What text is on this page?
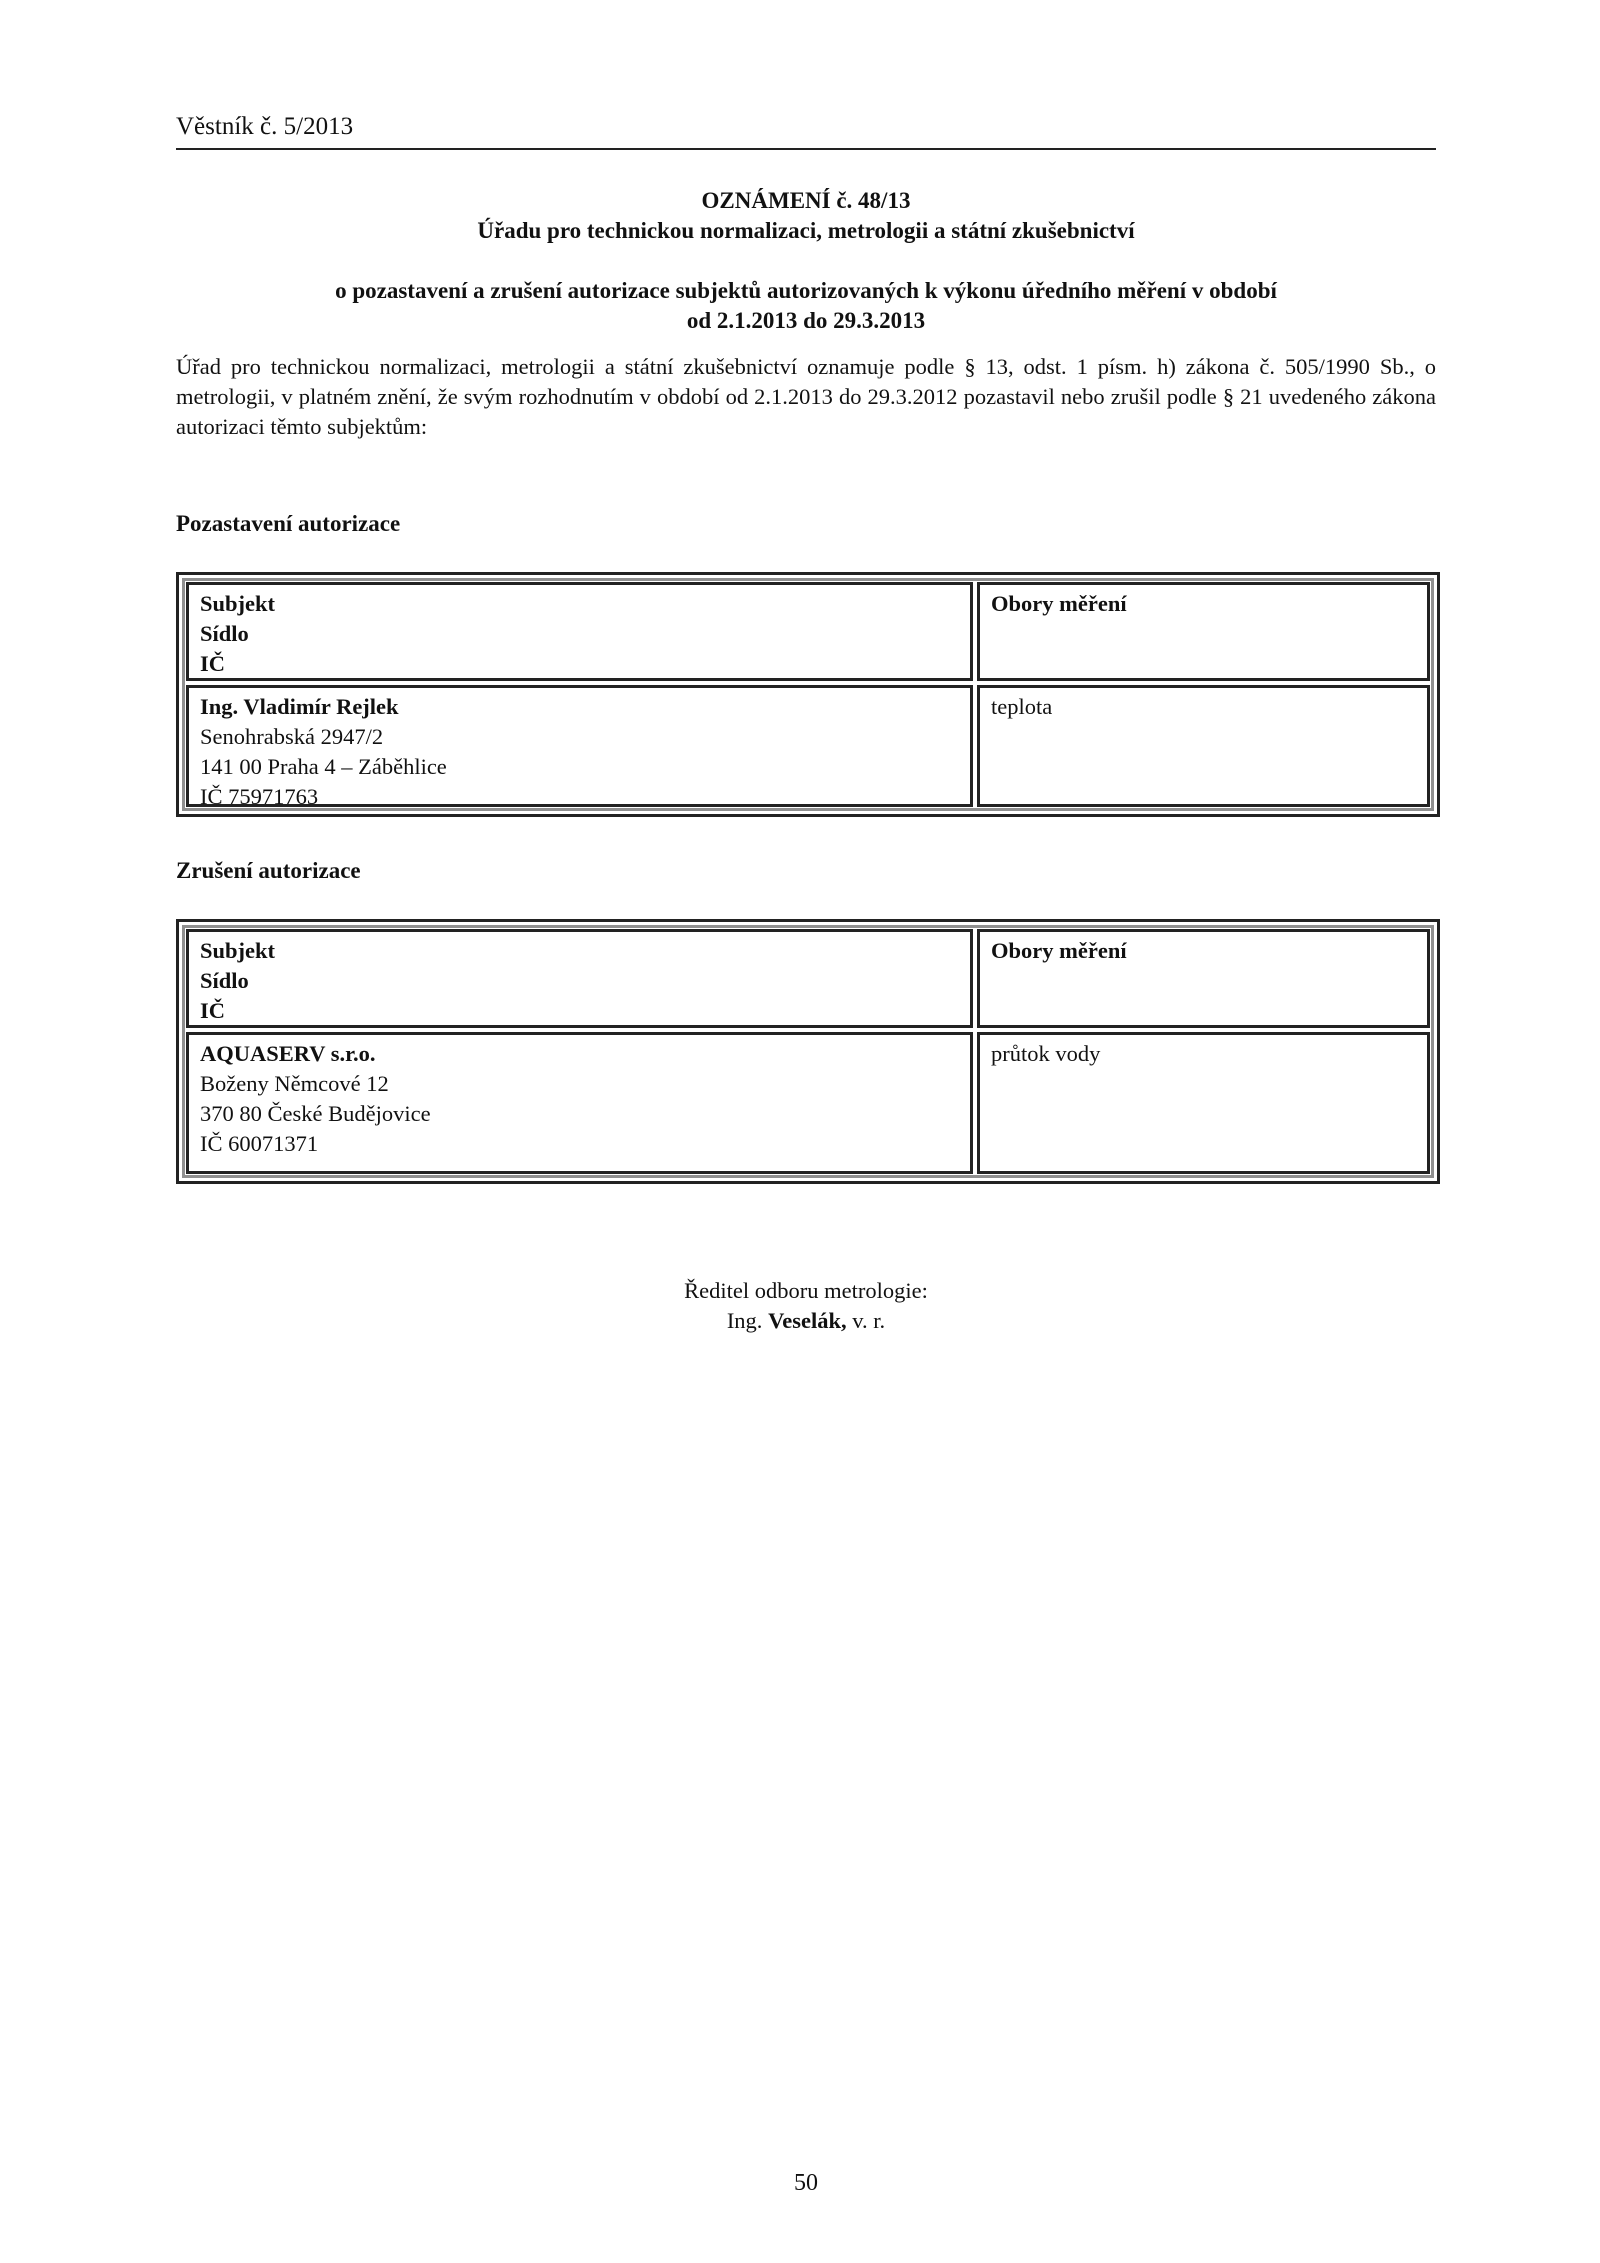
Věstník č. 5/2013
OZNÁMENÍ č. 48/13
Úřadu pro technickou normalizaci, metrologii a státní zkušebnictví
o pozastavení a zrušení autorizace subjektů autorizovaných k výkonu úředního měření v období
od 2.1.2013 do 29.3.2013
Úřad pro technickou normalizaci, metrologii a státní zkušebnictví oznamuje podle § 13, odst. 1 písm. h) zákona č. 505/1990 Sb., o metrologii, v platném znění, že svým rozhodnutím v období od 2.1.2013 do 29.3.2012 pozastavil nebo zrušil podle § 21 uvedeného zákona autorizaci těmto subjektům:
Pozastavení autorizace
Subjekt
Sídlo
IČ
Obory měření
Ing. Vladimír Rejlek
Senohrabská 2947/2
141 00 Praha 4 – Záběhlice
IČ 75971763
teplota
Zrušení autorizace
Subjekt
Sídlo
IČ
Obory měření
AQUASERV s.r.o.
Boženy Němcové 12
370 80 České Budějovice
IČ 60071371
průtok vody
Ředitel odboru metrologie:
Ing. Veselák, v. r.
50
